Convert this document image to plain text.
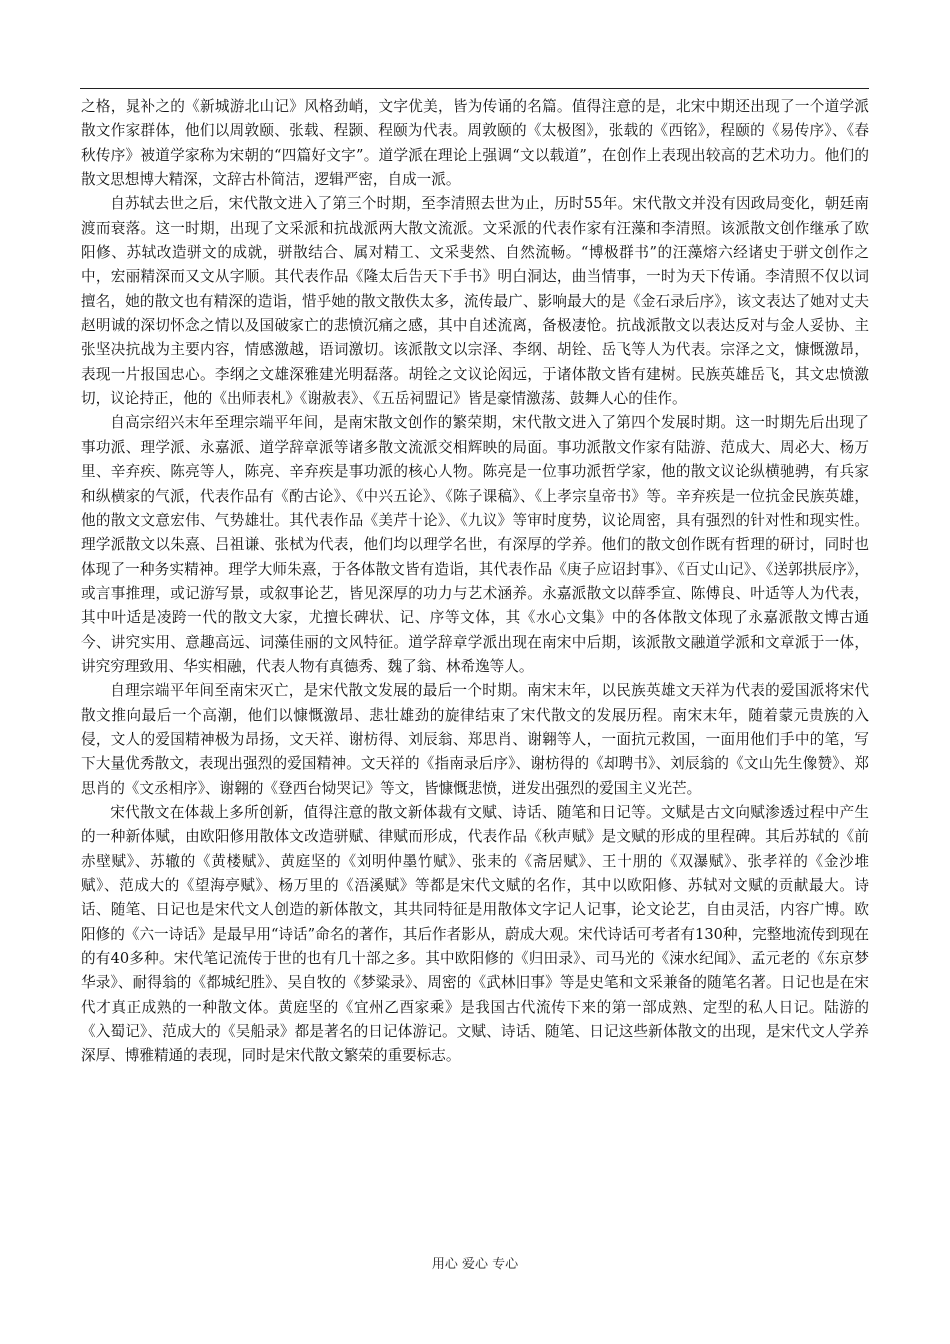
之格，晁补之的《新城游北山记》风格劲峭，文字优美，皆为传诵的名篇。值得注意的是，北宋中期还出现了一个道学派散文作家群体，他们以周敦颐、张载、程颢、程颐为代表。周敦颐的《太极图》，张载的《西铭》，程颐的《易传序》、《春秋传序》被道学家称为宋朝的“四篇好文字”。道学派在理论上强调“文以载道”，在创作上表现出较高的艺术功力。他们的散文思想博大精深，文辞古朴简洁，逻辑严密，自成一派。

自苏轼去世之后，宋代散文进入了第三个时期，至李清照去世为止，历时55年。宋代散文并没有因政局变化，朝廷南渡而衰落。这一时期，出现了文采派和抗战派两大散文流派。文采派的代表作家有汪藻和李清照。该派散文创作继承了欧阳修、苏轼改造骈文的成就，骈散结合、属对精工、文采斐然、自然流畅。“博极群书”的汪藻熔六经诸史于骈文创作之中，宏丽精深而又文从字顺。其代表作品《隆太后告天下手书》明白洞达，曲当情事，一时为天下传诵。李清照不仅以词擅名，她的散文也有精深的造诣，惜乎她的散文散佚太多，流传最广、影响最大的是《金石录后序》，该文表达了她对丈夫赵明诚的深切怀念之情以及国破家亡的悲愤沉痛之感，其中自述流离，备极凄怆。抗战派散文以表达反对与金人妥协、主张坚决抗战为主要内容，情感激越，语词激切。该派散文以宗泽、李纲、胡铨、岳飞等人为代表。宗泽之文，慷慨激昂，表现一片报国忠心。李纲之文雄深雅建光明磊落。胡铨之文议论闳远，于诸体散文皆有建树。民族英雄岳飞，其文忠愤激切，议论持正，他的《出师表札》《谢赦表》、《五岳祠盟记》皆是豪情激荡、鼓舞人心的佳作。

自高宗绍兴末年至理宗端平年间，是南宋散文创作的繁荣期，宋代散文进入了第四个发展时期。这一时期先后出现了事功派、理学派、永嘉派、道学辞章派等诸多散文流派交相辉映的局面。事功派散文作家有陆游、范成大、周必大、杨万里、辛弃疾、陈亮等人，陈亮、辛弃疾是事功派的核心人物。陈亮是一位事功派哲学家，他的散文议论纵横驰骋，有兵家和纵横家的气派，代表作品有《酌古论》、《中兴五论》、《陈子课稿》、《上孝宗皇帝书》等。辛弃疾是一位抗金民族英雄，他的散文文意宏伟、气势雄壮。其代表作品《美芹十论》、《九议》等审时度势，议论周密，具有强烈的针对性和现实性。理学派散文以朱熹、吕祖谦、张栻为代表，他们均以理学名世，有深厚的学养。他们的散文创作既有哲理的研讨，同时也体现了一种务实精神。理学大师朱熹，于各体散文皆有造诣，其代表作品《庚子应诏封事》、《百丈山记》、《送郭拱辰序》，或言事推理，或记游写景，或叙事论艺，皆见深厚的功力与艺术涵养。永嘉派散文以薛季宣、陈傅良、叶适等人为代表，其中叶适是凌跨一代的散文大家，尤擅长碑状、记、序等文体，其《水心文集》中的各体散文体现了永嘉派散文博古通今、讲究实用、意趣高远、词藻佳丽的文风特征。道学辞章学派出现在南宋中后期，该派散文融道学派和文章派于一体，讲究穷理致用、华实相融，代表人物有真德秀、魏了翁、林希逸等人。

自理宗端平年间至南宋灭亡，是宋代散文发展的最后一个时期。南宋末年，以民族英雄文天祥为代表的爱国派将宋代散文推向最后一个高潮，他们以慷慨激昂、悲壮雄劲的旋律结束了宋代散文的发展历程。南宋末年，随着蒙元贵族的入侵，文人的爱国精神极为昂扬，文天祥、谢枋得、刘辰翁、郑思肖、谢翱等人，一面抗元救国，一面用他们手中的笔，写下大量优秀散文，表现出强烈的爱国精神。文天祥的《指南录后序》、谢枋得的《却聘书》、刘辰翁的《文山先生像赞》、郑思肖的《文丞相序》、谢翱的《登西台恸哭记》等文，皆慷慨悲愤，迸发出强烈的爱国主义光芒。

宋代散文在体裁上多所创新，值得注意的散文新体裁有文赋、诗话、随笔和日记等。文赋是古文向赋渗透过程中产生的一种新体赋，由欧阳修用散体文改造骈赋、律赋而形成，代表作品《秋声赋》是文赋的形成的里程碑。其后苏轼的《前赤壁赋》、苏辙的《黄楼赋》、黄庭坚的《刘明仲墨竹赋》、张耒的《斋居赋》、王十朋的《双瀑赋》、张孝祥的《金沙堆赋》、范成大的《望海亭赋》、杨万里的《浯溪赋》等都是宋代文赋的名作，其中以欧阳修、苏轼对文赋的贡献最大。诗话、随笔、日记也是宋代文人创造的新体散文，其共同特征是用散体文字记人记事，论文论艺，自由灵活，内容广博。欧阳修的《六一诗话》是最早用“诗话”命名的著作，其后作者影从，蔚成大观。宋代诗话可考者有130种，完整地流传到现在的有40多种。宋代笔记流传于世的也有几十部之多。其中欧阳修的《归田录》、司马光的《涑水纪闻》、孟元老的《东京梦华录》、耐得翁的《都城纪胜》、吴自牧的《梦粱录》、周密的《武林旧事》等是史笔和文采兼备的随笔名著。日记也是在宋代才真正成熟的一种散文体。黄庭坚的《宜州乙酉家乘》是我国古代流传下来的第一部成熟、定型的私人日记。陆游的《入蜀记》、范成大的《吴船录》都是著名的日记体游记。文赋、诗话、随笔、日记这些新体散文的出现，是宋代文人学养深厚、博雅精通的表现，同时是宋代散文繁荣的重要标志。

用心 爱心 专心
